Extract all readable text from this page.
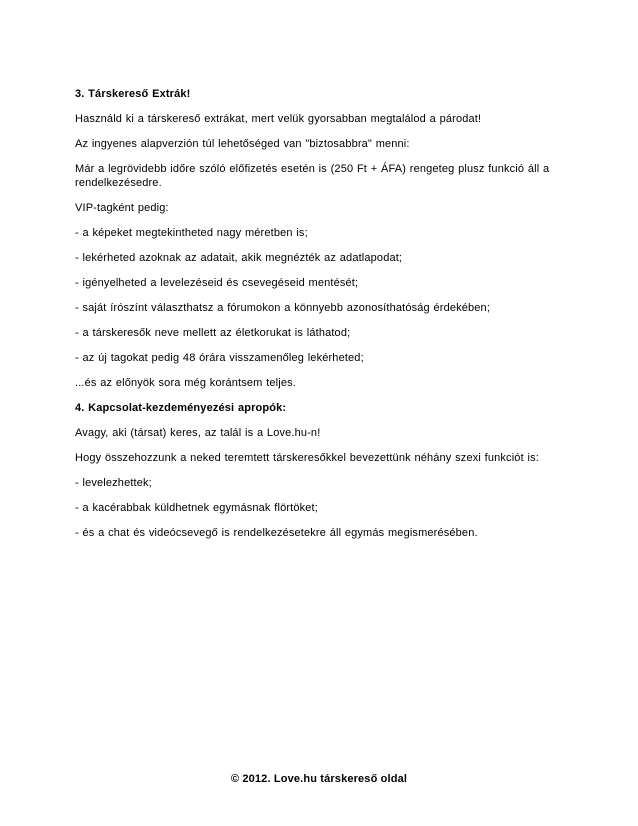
3. Társkereső Extrák!

Használd ki a társkereső extrákat, mert velük gyorsabban megtalálod a párodat!

Az ingyenes alapverzión túl lehetőséged van "biztosabbra" menni:

Már a legrövidebb időre szóló előfizetés esetén is (250 Ft + ÁFA) rengeteg plusz funkció áll a rendelkezésedre.

VIP-tagként pedig:

- a képeket megtekintheted nagy méretben is;

- lekérheted azoknak az adatait, akik megnézték az adatlapodat;

- igényelheted a levelezéseid és csevegéseid mentését;

- saját írószínt választhatsz a fórumokon a könnyebb azonosíthatóság érdekében;

- a társkeresők neve mellett az életkorukat is láthatod;

- az új tagokat pedig 48 órára visszamenőleg lekérheted;

...és az előnyök sora még korántsem teljes.

4. Kapcsolat-kezdeményezési apropók:

Avagy, aki (társat) keres, az talál is a Love.hu-n!

Hogy összehozzunk a neked teremtett társkeresőkkel bevezettünk néhány szexi funkciót is:

- levelezhettek;

- a kacérabbak küldhetnek egymásnak flörtöket;

- és a chat és videócsevegő is rendelkezésetekre áll egymás megismerésében.

© 2012. Love.hu társkereső oldal
